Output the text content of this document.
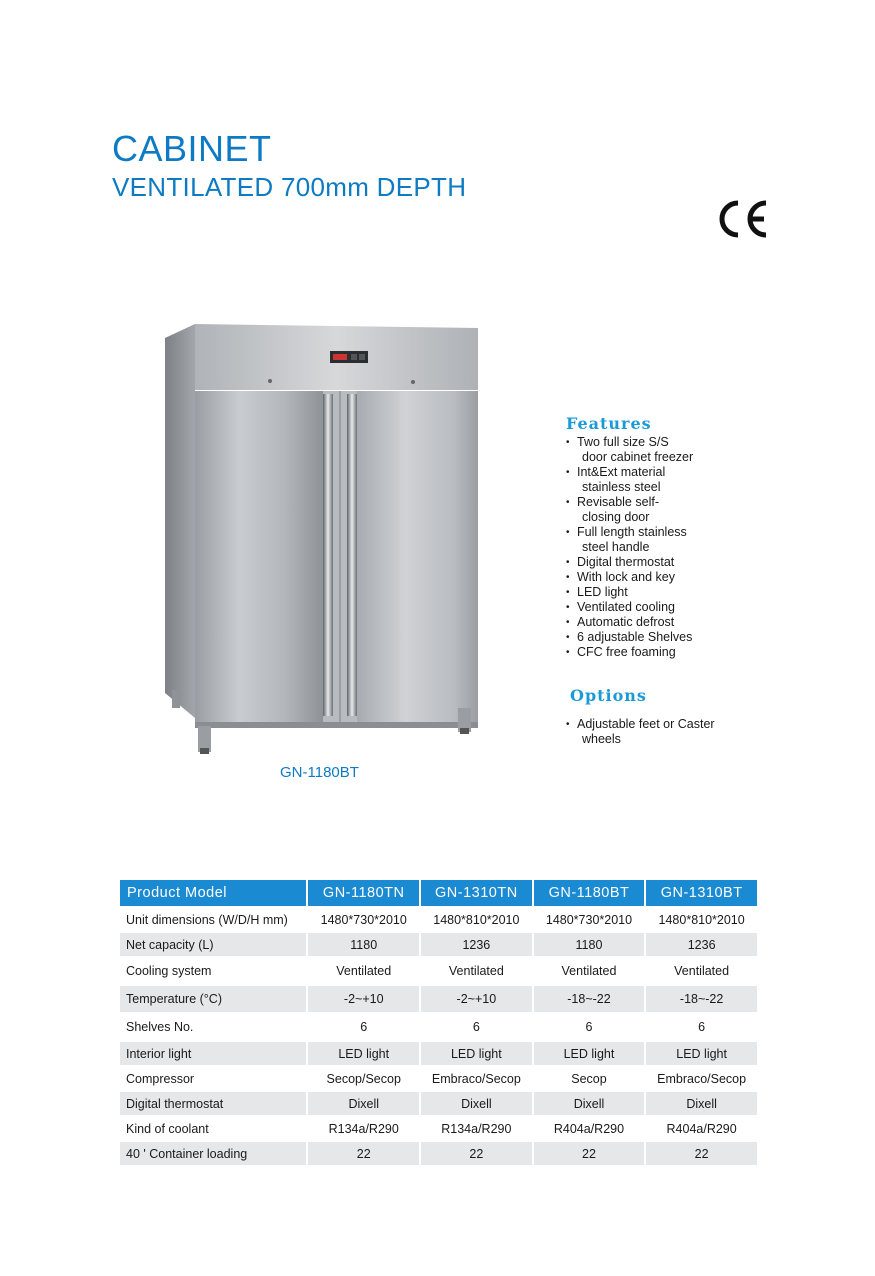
CABINET
VENTILATED 700mm DEPTH
GN-1180BT
Features
• Two full size S/S
door cabinet freezer
• Int&Ext material
stainless steel
• Revisable self-
closing door
• Full length stainless
steel handle
• Digital thermostat
• With lock and key
• LED light
• Ventilated cooling
• Automatic defrost
• 6 adjustable Shelves
• CFC free foaming
Options
• Adjustable feet or Caster
wheels
Product Model	GN-1180TN	GN-1310TN	GN-1180BT	GN-1310BT
Unit dimensions (W/D/H mm)	1480*730*2010	1480*810*2010	1480*730*2010	1480*810*2010
Net capacity (L)	1180	1236	1180	1236
Cooling system	Ventilated	Ventilated	Ventilated	Ventilated
Temperature (°C)	-2~+10	-2~+10	-18~-22	-18~-22
Shelves No.	6	6	6	6
Interior light	LED light	LED light	LED light	LED light
Compressor	Secop/Secop	Embraco/Secop	Secop	Embraco/Secop
Digital thermostat	Dixell	Dixell	Dixell	Dixell
Kind of coolant	R134a/R290	R134a/R290	R404a/R290	R404a/R290
40 ' Container loading	22	22	22	22
